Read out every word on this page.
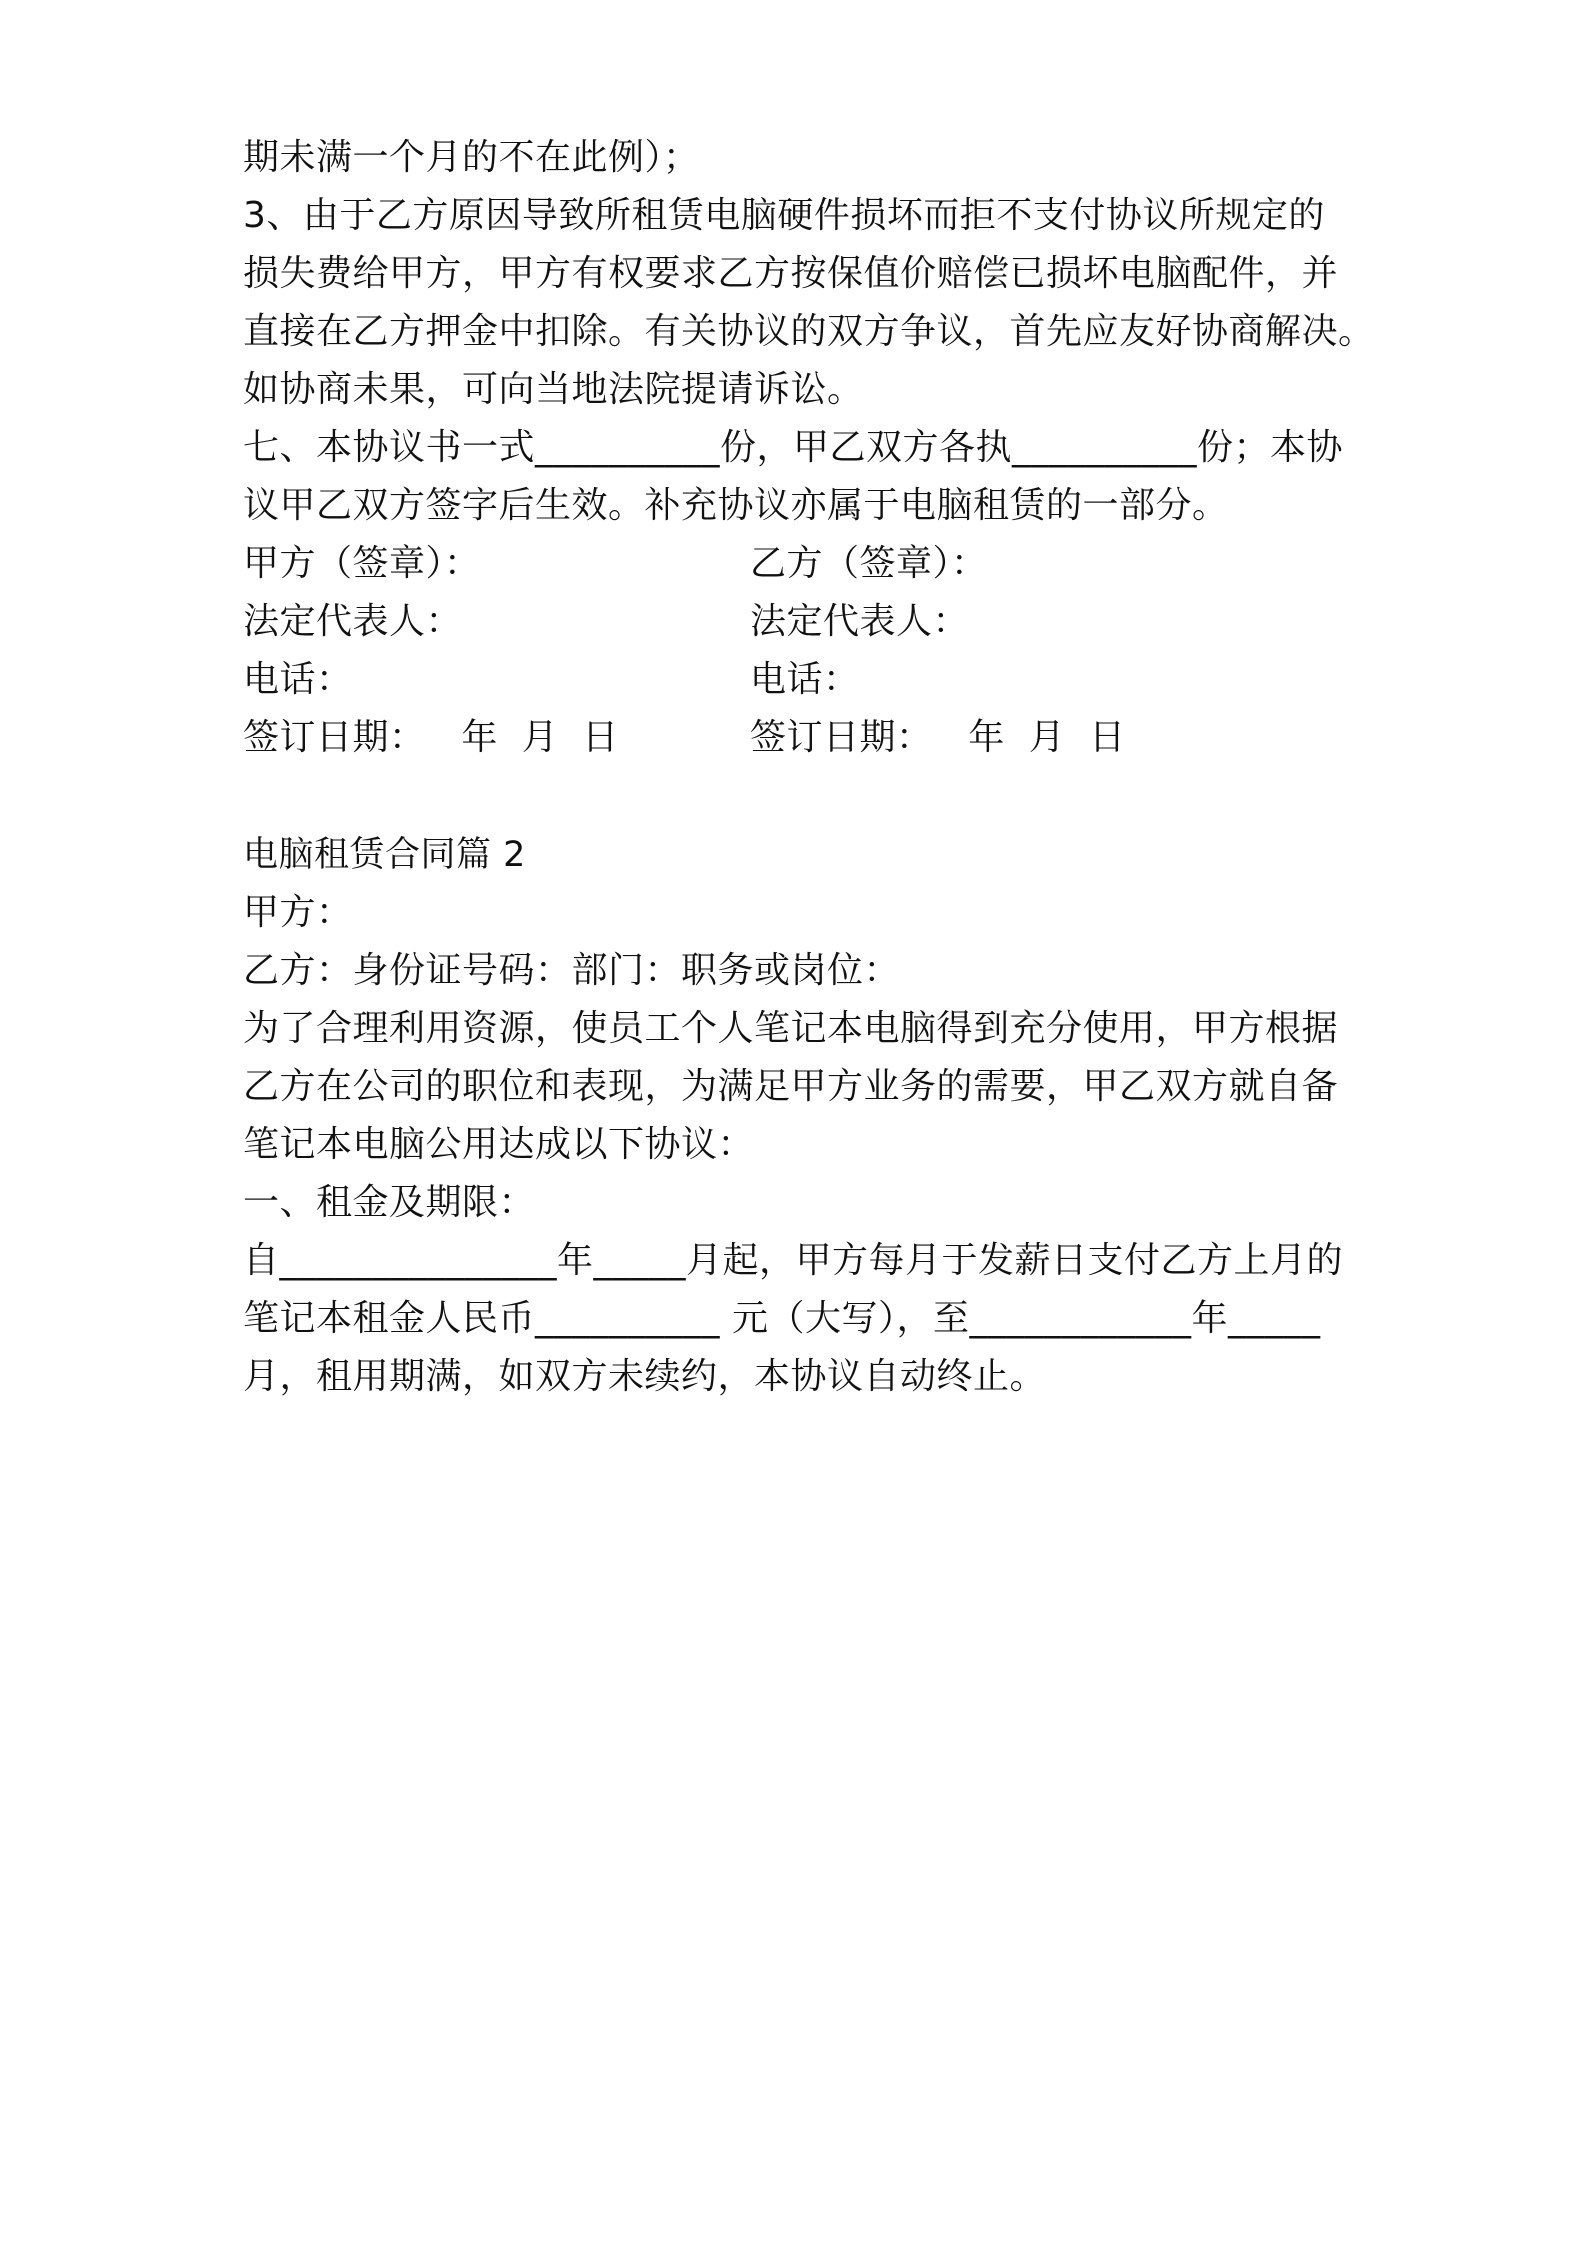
期未满一个月的不在此例）；
3、由于乙方原因导致所租赁电脑硬件损坏而拒不支付协议所规定的
损失费给甲方，甲方有权要求乙方按保值价赔偿已损坏电脑配件，并
直接在乙方押金中扣除。有关协议的双方争议，首先应友好协商解决。
如协商未果，可向当地法院提请诉讼。
七、本协议书一式__________份，甲乙双方各执__________份；本协
议甲乙双方签字后生效。补充协议亦属于电脑租赁的一部分。
甲方（签章）：	乙方（签章）：
法定代表人：	法定代表人：
电话：	电话：
签订日期：   年  月  日	签订日期：   年  月  日
电脑租赁合同篇 2
甲方：
乙方：身份证号码：部门：职务或岗位：
为了合理利用资源，使员工个人笔记本电脑得到充分使用，甲方根据
乙方在公司的职位和表现，为满足甲方业务的需要，甲乙双方就自备
笔记本电脑公用达成以下协议：
一、租金及期限：
自_______________年_____月起，甲方每月于发薪日支付乙方上月的
笔记本租金人民币__________ 元（大写），至____________年_____
月，租用期满，如双方未续约，本协议自动终止。
